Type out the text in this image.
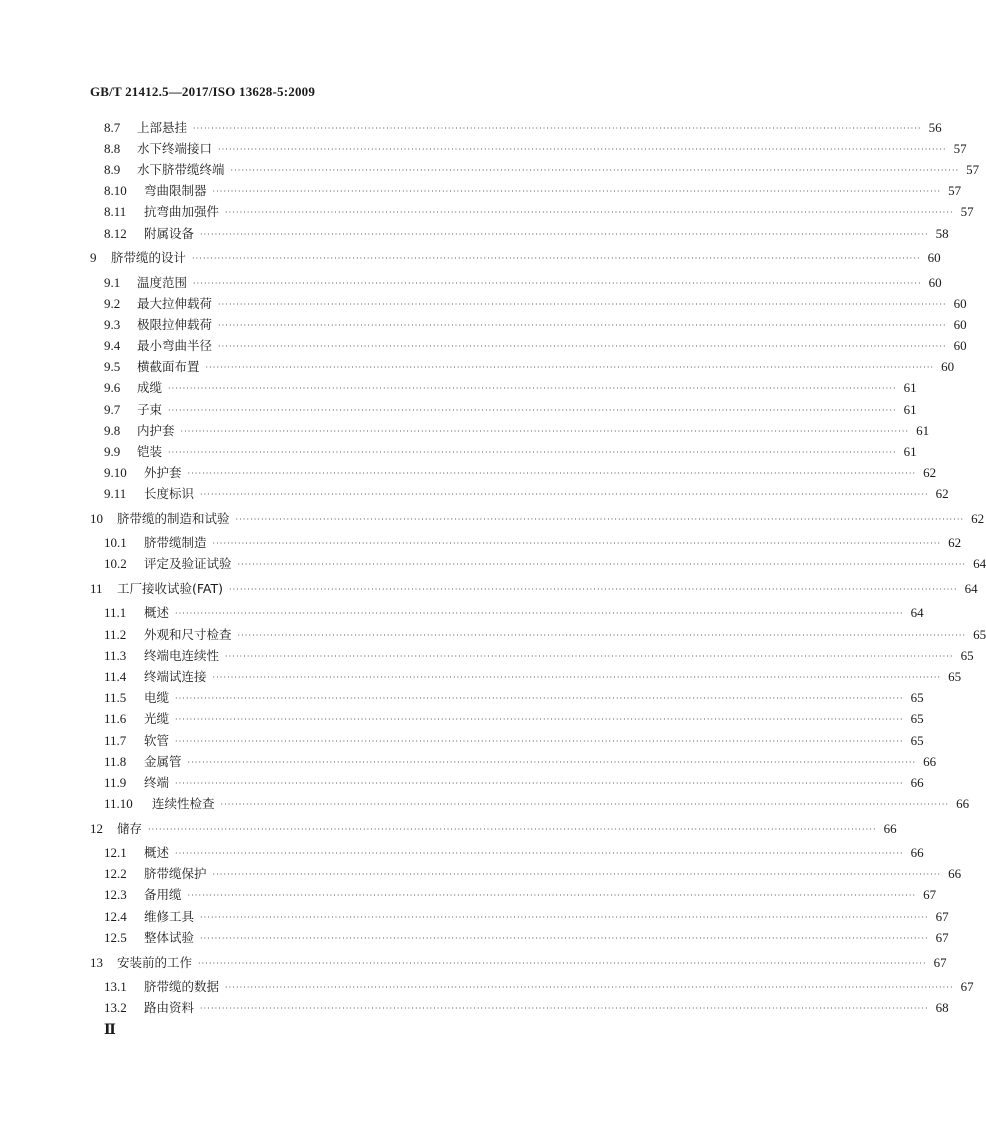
GB/T 21412.5—2017/ISO 13628-5:2009
8.7	上部悬挂 ········································································································································································································ 56
8.8	水下终端接口 ········································································································································································································ 57
8.9	水下脐带缆终端 ········································································································································································································ 57
8.10	弯曲限制器 ········································································································································································································ 57
8.11	抗弯曲加强件 ········································································································································································································ 57
8.12	附属设备 ········································································································································································································ 58
9	脐带缆的设计 ········································································································································································································ 60
9.1	温度范围 ········································································································································································································ 60
9.2	最大拉伸载荷 ········································································································································································································ 60
9.3	极限拉伸载荷 ········································································································································································································ 60
9.4	最小弯曲半径 ········································································································································································································ 60
9.5	横截面布置 ········································································································································································································ 60
9.6	成缆 ········································································································································································································ 61
9.7	子束 ········································································································································································································ 61
9.8	内护套 ········································································································································································································ 61
9.9	铠装 ········································································································································································································ 61
9.10	外护套 ········································································································································································································ 62
9.11	长度标识 ········································································································································································································ 62
10	脐带缆的制造和试验 ········································································································································································································ 62
10.1	脐带缆制造 ········································································································································································································ 62
10.2	评定及验证试验 ········································································································································································································ 64
11	工厂接收试验(FAT) ········································································································································································································ 64
11.1	概述 ········································································································································································································ 64
11.2	外观和尺寸检查 ········································································································································································································ 65
11.3	终端电连续性 ········································································································································································································ 65
11.4	终端试连接 ········································································································································································································ 65
11.5	电缆 ········································································································································································································ 65
11.6	光缆 ········································································································································································································ 65
11.7	软管 ········································································································································································································ 65
11.8	金属管 ········································································································································································································ 66
11.9	终端 ········································································································································································································ 66
11.10	连续性检查 ········································································································································································································ 66
12	储存 ········································································································································································································ 66
12.1	概述 ········································································································································································································ 66
12.2	脐带缆保护 ········································································································································································································ 66
12.3	备用缆 ········································································································································································································ 67
12.4	维修工具 ········································································································································································································ 67
12.5	整体试验 ········································································································································································································ 67
13	安装前的工作 ········································································································································································································ 67
13.1	脐带缆的数据 ········································································································································································································ 67
13.2	路由资料 ········································································································································································································ 68
Ⅱ
